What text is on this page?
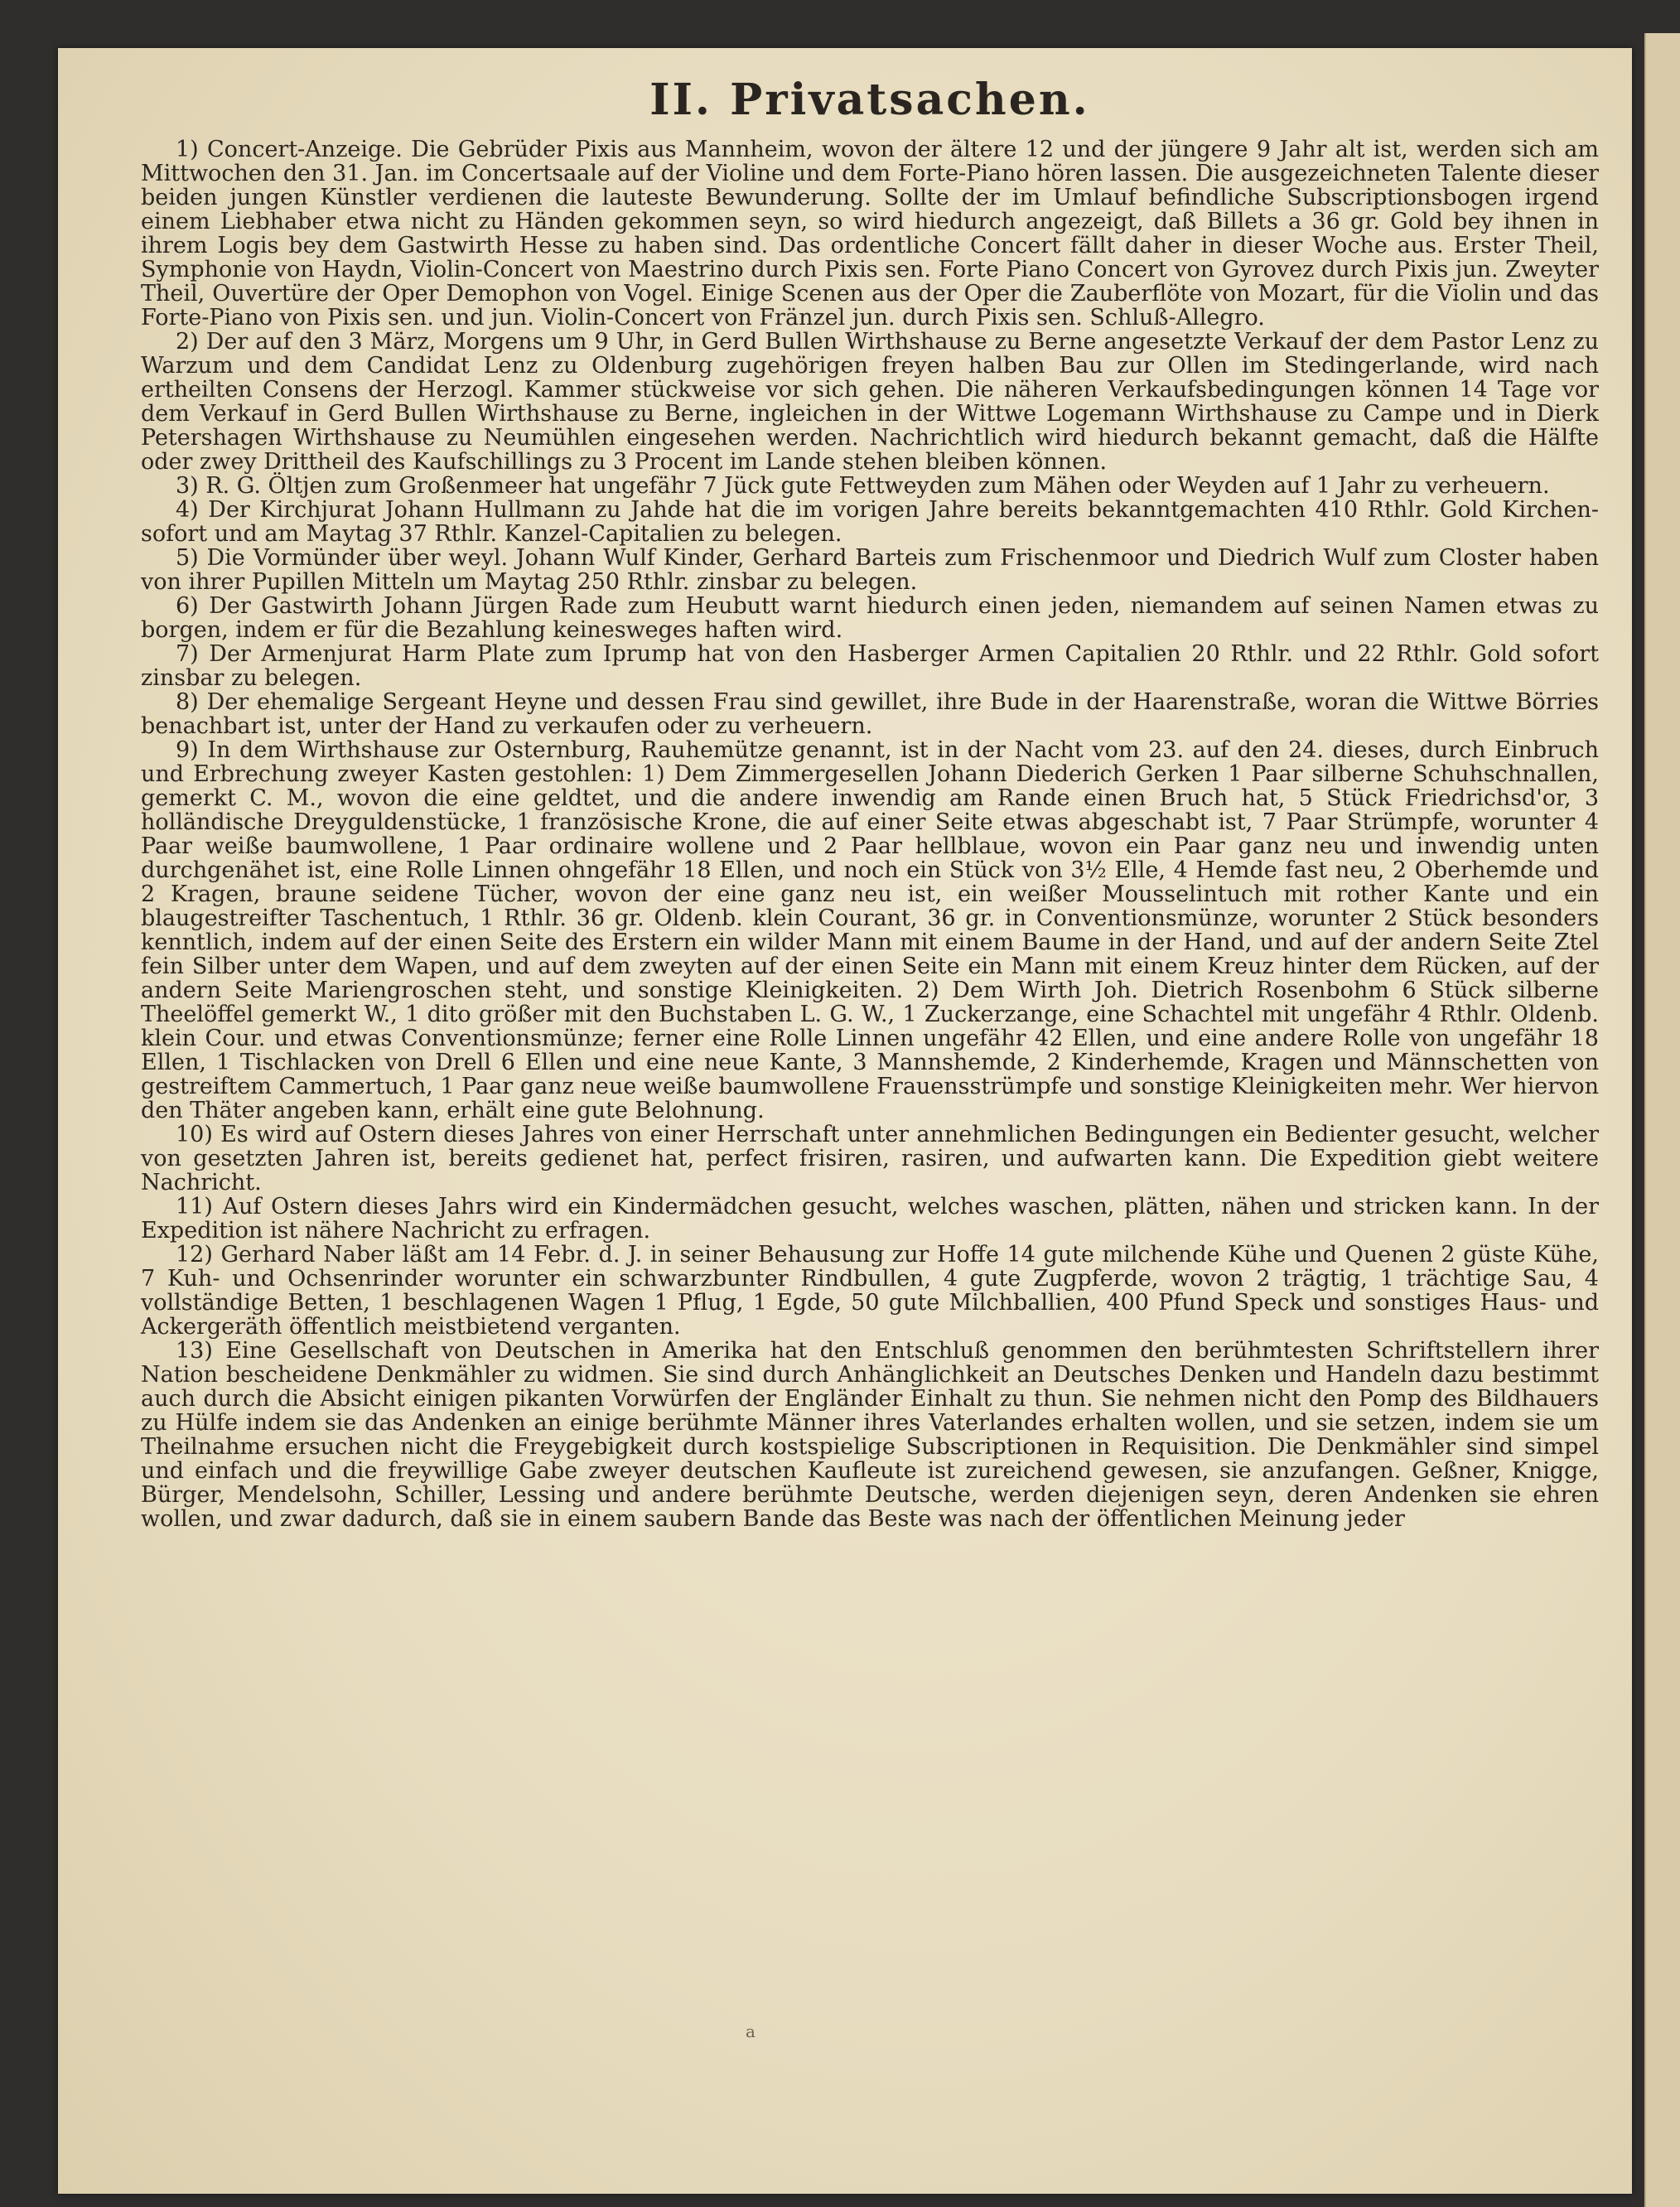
II. Privatsachen.

1) Concert-Anzeige. Die Gebrüder Pixis aus Mannheim, wovon der ältere 12 und der jüngere 9 Jahr alt ist, werden sich am Mittwochen den 31. Jan. im Concertsaale auf der Violine und dem Forte-Piano hören lassen. Die ausgezeichneten Talente dieser beiden jungen Künstler verdienen die lauteste Bewunderung. Sollte der im Umlauf befindliche Subscriptionsbogen irgend einem Liebhaber etwa nicht zu Händen gekommen seyn, so wird hiedurch angezeigt, daß Billets a 36 gr. Gold bey ihnen in ihrem Logis bey dem Gastwirth Hesse zu haben sind. Das ordentliche Concert fällt daher in dieser Woche aus. Erster Theil, Symphonie von Haydn, Violin-Concert von Maestrino durch Pixis sen. Forte Piano Concert von Gyrovez durch Pixis jun. Zweyter Theil, Ouvertüre der Oper Demophon von Vogel. Einige Scenen aus der Oper die Zauberflöte von Mozart, für die Violin und das Forte-Piano von Pixis sen. und jun. Violin-Concert von Fränzel jun. durch Pixis sen. Schluß-Allegro.

2) Der auf den 3 März, Morgens um 9 Uhr, in Gerd Bullen Wirthshause zu Berne angesetzte Verkauf der dem Pastor Lenz zu Warzum und dem Candidat Lenz zu Oldenburg zugehörigen freyen halben Bau zur Ollen im Stedingerlande, wird nach ertheilten Consens der Herzogl. Kammer stückweise vor sich gehen. Die näheren Verkaufsbedingungen können 14 Tage vor dem Verkauf in Gerd Bullen Wirthshause zu Berne, ingleichen in der Wittwe Logemann Wirthshause zu Campe und in Dierk Petershagen Wirthshause zu Neumühlen eingesehen werden. Nachrichtlich wird hiedurch bekannt gemacht, daß die Hälfte oder zwey Drittheil des Kaufschillings zu 3 Procent im Lande stehen bleiben können.

3) R. G. Öltjen zum Großenmeer hat ungefähr 7 Jück gute Fettweyden zum Mähen oder Weyden auf 1 Jahr zu verheuern.

4) Der Kirchjurat Johann Hullmann zu Jahde hat die im vorigen Jahre bereits bekanntgemachten 410 Rthlr. Gold Kirchen-sofort und am Maytag 37 Rthlr. Kanzel-Capitalien zu belegen.

5) Die Vormünder über weyl. Johann Wulf Kinder, Gerhard Barteis zum Frischenmoor und Diedrich Wulf zum Closter haben von ihrer Pupillen Mitteln um Maytag 250 Rthlr. zinsbar zu belegen.

6) Der Gastwirth Johann Jürgen Rade zum Heubutt warnt hiedurch einen jeden, niemandem auf seinen Namen etwas zu borgen, indem er für die Bezahlung keinesweges haften wird.

7) Der Armenjurat Harm Plate zum Iprump hat von den Hasberger Armen Capitalien 20 Rthlr. und 22 Rthlr. Gold sofort zinsbar zu belegen.

8) Der ehemalige Sergeant Heyne und dessen Frau sind gewillet, ihre Bude in der Haarenstraße, woran die Wittwe Börries benachbart ist, unter der Hand zu verkaufen oder zu verheuern.

9) In dem Wirthshause zur Osternburg, Rauhemütze genannt, ist in der Nacht vom 23. auf den 24. dieses, durch Einbruch und Erbrechung zweyer Kasten gestohlen: 1) Dem Zimmergesellen Johann Diederich Gerken 1 Paar silberne Schuhschnallen, gemerkt C. M., wovon die eine geldtet, und die andere inwendig am Rande einen Bruch hat, 5 Stück Friedrichsd'or, 3 holländische Dreyguldenstücke, 1 französische Krone, die auf einer Seite etwas abgeschabt ist, 7 Paar Strümpfe, worunter 4 Paar weiße baumwollene, 1 Paar ordinaire wollene und 2 Paar hellblaue, wovon ein Paar ganz neu und inwendig unten durchgenähet ist, eine Rolle Linnen ohngefähr 18 Ellen, und noch ein Stück von 3½ Elle, 4 Hemde fast neu, 2 Oberhemde und 2 Kragen, braune seidene Tücher, wovon der eine ganz neu ist, ein weißer Mousselintuch mit rother Kante und ein blaugestreifter Taschentuch, 1 Rthlr. 36 gr. Oldenb. klein Courant, 36 gr. in Conventionsmünze, worunter 2 Stück besonders kenntlich, indem auf der einen Seite des Erstern ein wilder Mann mit einem Baume in der Hand, und auf der andern Seite Ztel fein Silber unter dem Wapen, und auf dem zweyten auf der einen Seite ein Mann mit einem Kreuz hinter dem Rücken, auf der andern Seite Mariengroschen steht, und sonstige Kleinigkeiten. 2) Dem Wirth Joh. Dietrich Rosenbohm 6 Stück silberne Theelöffel gemerkt W., 1 dito größer mit den Buchstaben L. G. W., 1 Zuckerzange, eine Schachtel mit ungefähr 4 Rthlr. Oldenb. klein Cour. und etwas Conventionsmünze; ferner eine Rolle Linnen ungefähr 42 Ellen, und eine andere Rolle von ungefähr 18 Ellen, 1 Tischlacken von Drell 6 Ellen und eine neue Kante, 3 Mannshemde, 2 Kinderhemde, Kragen und Männschetten von gestreiftem Cammertuch, 1 Paar ganz neue weiße baumwollene Frauensstrümpfe und sonstige Kleinigkeiten mehr. Wer hiervon den Thäter angeben kann, erhält eine gute Belohnung.

10) Es wird auf Ostern dieses Jahres von einer Herrschaft unter annehmlichen Bedingungen ein Bedienter gesucht, welcher von gesetzten Jahren ist, bereits gedienet hat, perfect frisiren, rasiren, und aufwarten kann. Die Expedition giebt weitere Nachricht.

11) Auf Ostern dieses Jahrs wird ein Kindermädchen gesucht, welches waschen, plätten, nähen und stricken kann. In der Expedition ist nähere Nachricht zu erfragen.

12) Gerhard Naber läßt am 14 Febr. d. J. in seiner Behausung zur Hoffe 14 gute milchende Kühe und Quenen 2 güste Kühe, 7 Kuh- und Ochsenrinder worunter ein schwarzbunter Rindbullen, 4 gute Zugpferde, wovon 2 trägtig, 1 trächtige Sau, 4 vollständige Betten, 1 beschlagenen Wagen 1 Pflug, 1 Egde, 50 gute Milchballien, 400 Pfund Speck und sonstiges Haus- und Ackergeräth öffentlich meistbietend verganten.

13) Eine Gesellschaft von Deutschen in Amerika hat den Entschluß genommen den berühmtesten Schriftstellern ihrer Nation bescheidene Denkmähler zu widmen. Sie sind durch Anhänglichkeit an Deutsches Denken und Handeln dazu bestimmt auch durch die Absicht einigen pikanten Vorwürfen der Engländer Einhalt zu thun. Sie nehmen nicht den Pomp des Bildhauers zu Hülfe indem sie das Andenken an einige berühmte Männer ihres Vaterlandes erhalten wollen, und sie setzen, indem sie um Theilnahme ersuchen nicht die Freygebigkeit durch kostspielige Subscriptionen in Requisition. Die Denkmähler sind simpel und einfach und die freywillige Gabe zweyer deutschen Kaufleute ist zureichend gewesen, sie anzufangen. Geßner, Knigge, Bürger, Mendelsohn, Schiller, Lessing und andere berühmte Deutsche, werden diejenigen seyn, deren Andenken sie ehren wollen, und zwar dadurch, daß sie in einem saubern Bande das Beste was nach der öffentlichen Meinung jeder

a
